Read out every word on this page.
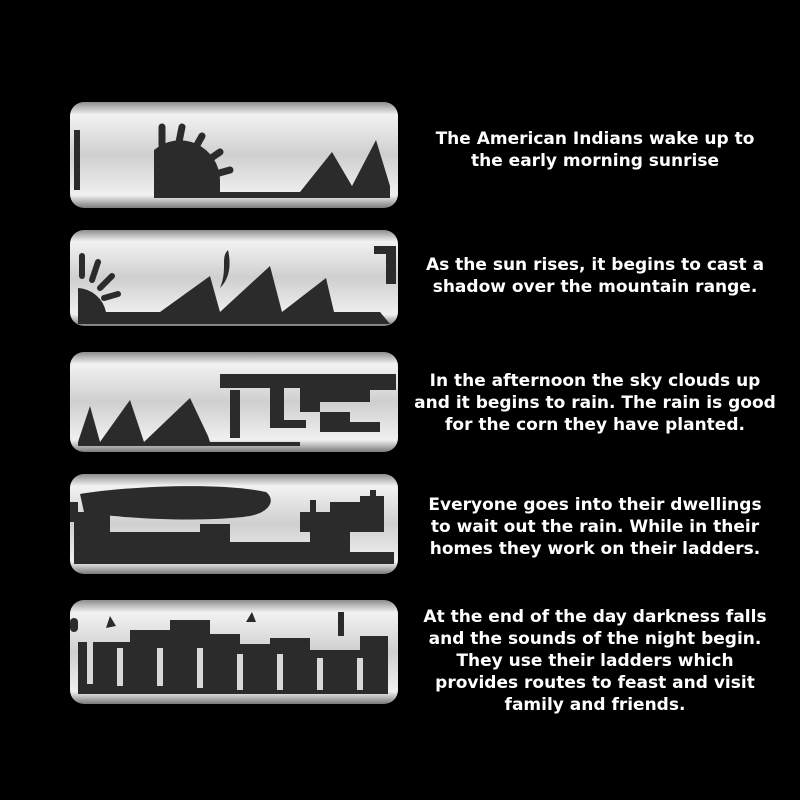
The American Indians wake up to
the early morning sunrise
As the sun rises, it begins to cast a
shadow over the mountain range.
In the afternoon the sky clouds up
and it begins to rain. The rain is good
for the corn they have planted.
Everyone goes into their dwellings
to wait out the rain. While in their
homes they work on their ladders.
At the end of the day darkness falls
and the sounds of the night begin.
They use their ladders which
provides routes to feast and visit
family and friends.
